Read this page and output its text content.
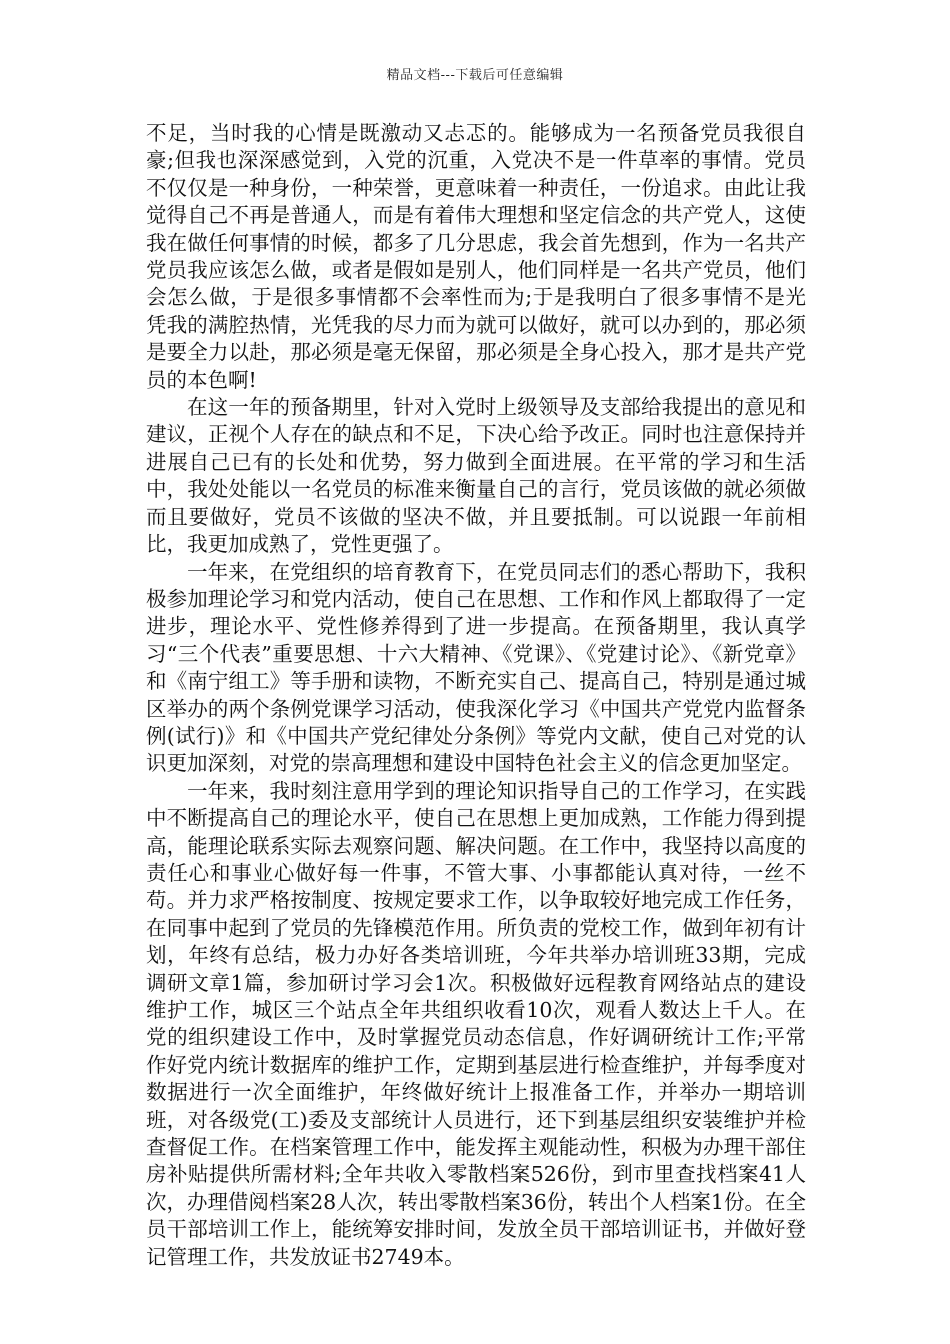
精品文档---下载后可任意编辑

不足，当时我的心情是既激动又忐忑的。能够成为一名预备党员我很自豪;但我也深深感觉到，入党的沉重，入党决不是一件草率的事情。党员不仅仅是一种身份，一种荣誉，更意味着一种责任，一份追求。由此让我觉得自己不再是普通人，而是有着伟大理想和坚定信念的共产党人，这使我在做任何事情的时候，都多了几分思虑，我会首先想到，作为一名共产党员我应该怎么做，或者是假如是别人，他们同样是一名共产党员，他们会怎么做，于是很多事情都不会率性而为;于是我明白了很多事情不是光凭我的满腔热情，光凭我的尽力而为就可以做好，就可以办到的，那必须是要全力以赴，那必须是毫无保留，那必须是全身心投入，那才是共产党员的本色啊!

在这一年的预备期里，针对入党时上级领导及支部给我提出的意见和建议，正视个人存在的缺点和不足，下决心给予改正。同时也注意保持并进展自己已有的长处和优势，努力做到全面进展。在平常的学习和生活中，我处处能以一名党员的标准来衡量自己的言行，党员该做的就必须做而且要做好，党员不该做的坚决不做，并且要抵制。可以说跟一年前相比，我更加成熟了，党性更强了。

一年来，在党组织的培育教育下，在党员同志们的悉心帮助下，我积极参加理论学习和党内活动，使自己在思想、工作和作风上都取得了一定进步，理论水平、党性修养得到了进一步提高。在预备期里，我认真学习“三个代表”重要思想、十六大精神、《党课》、《党建讨论》、《新党章》和《南宁组工》等手册和读物，不断充实自己、提高自己，特别是通过城区举办的两个条例党课学习活动，使我深化学习《中国共产党党内监督条例(试行)》和《中国共产党纪律处分条例》等党内文献，使自己对党的认识更加深刻，对党的崇高理想和建设中国特色社会主义的信念更加坚定。

一年来，我时刻注意用学到的理论知识指导自己的工作学习，在实践中不断提高自己的理论水平，使自己在思想上更加成熟，工作能力得到提高，能理论联系实际去观察问题、解决问题。在工作中，我坚持以高度的责任心和事业心做好每一件事，不管大事、小事都能认真对待，一丝不苟。并力求严格按制度、按规定要求工作，以争取较好地完成工作任务，在同事中起到了党员的先锋模范作用。所负责的党校工作，做到年初有计划，年终有总结，极力办好各类培训班，今年共举办培训班33期，完成调研文章1篇，参加研讨学习会1次。积极做好远程教育网络站点的建设维护工作，城区三个站点全年共组织收看10次，观看人数达上千人。在党的组织建设工作中，及时掌握党员动态信息，作好调研统计工作;平常作好党内统计数据库的维护工作，定期到基层进行检查维护，并每季度对数据进行一次全面维护，年终做好统计上报准备工作，并举办一期培训班，对各级党(工)委及支部统计人员进行，还下到基层组织安装维护并检查督促工作。在档案管理工作中，能发挥主观能动性，积极为办理干部住房补贴提供所需材料;全年共收入零散档案526份，到市里查找档案41人次，办理借阅档案28人次，转出零散档案36份，转出个人档案1份。在全员干部培训工作上，能统筹安排时间，发放全员干部培训证书，并做好登记管理工作，共发放证书2749本。
